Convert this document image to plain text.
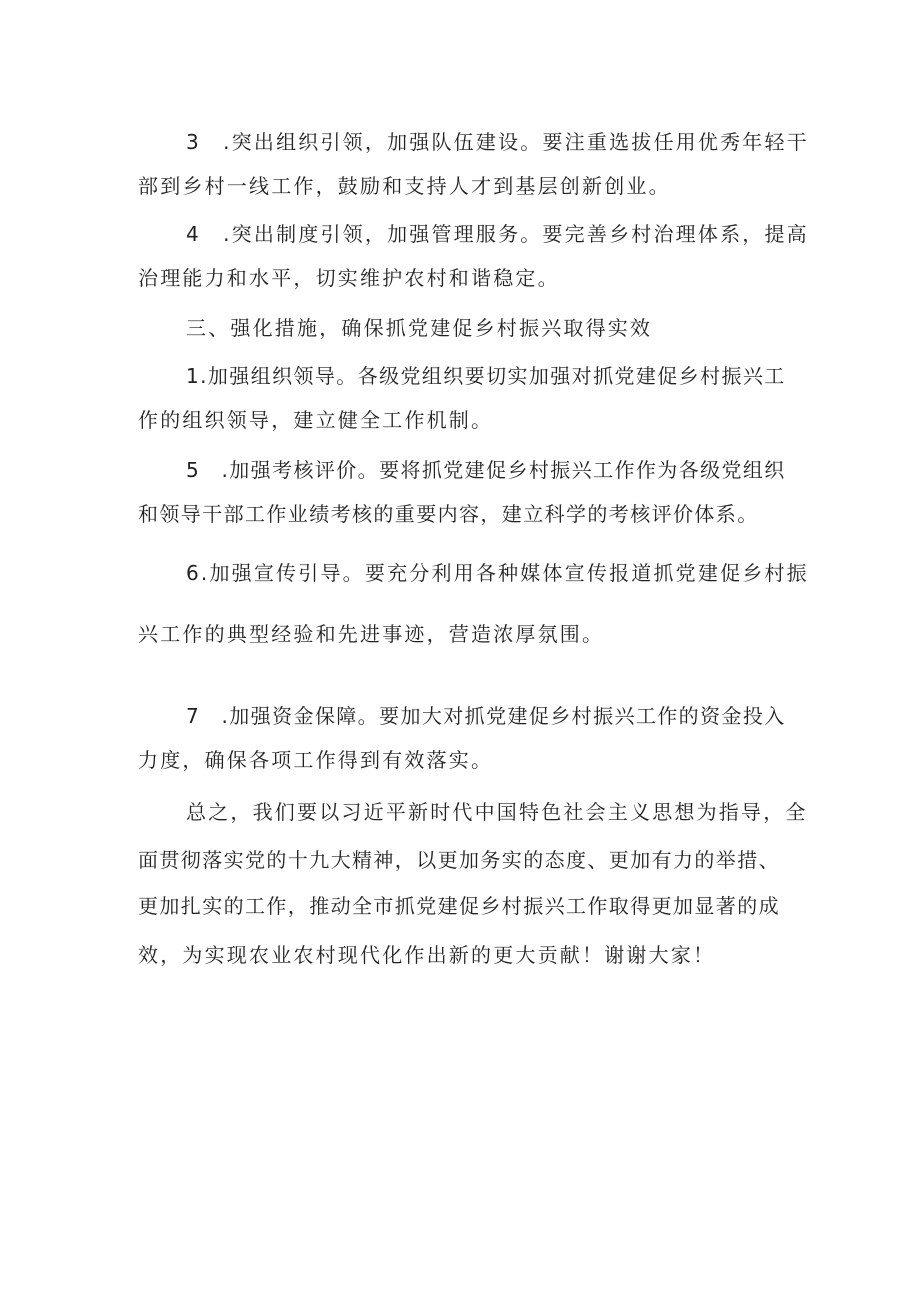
3　.突出组织引领，加强队伍建设。要注重选拔任用优秀年轻干
部到乡村一线工作，鼓励和支持人才到基层创新创业。
4　.突出制度引领，加强管理服务。要完善乡村治理体系，提高
治理能力和水平，切实维护农村和谐稳定。
三、强化措施，确保抓党建促乡村振兴取得实效
1.加强组织领导。各级党组织要切实加强对抓党建促乡村振兴工
作的组织领导，建立健全工作机制。
5　.加强考核评价。要将抓党建促乡村振兴工作作为各级党组织
和领导干部工作业绩考核的重要内容，建立科学的考核评价体系。
6.加强宣传引导。要充分利用各种媒体宣传报道抓党建促乡村振
兴工作的典型经验和先进事迹，营造浓厚氛围。
7　.加强资金保障。要加大对抓党建促乡村振兴工作的资金投入
力度，确保各项工作得到有效落实。
总之，我们要以习近平新时代中国特色社会主义思想为指导，全
面贯彻落实党的十九大精神，以更加务实的态度、更加有力的举措、
更加扎实的工作，推动全市抓党建促乡村振兴工作取得更加显著的成
效，为实现农业农村现代化作出新的更大贡献！谢谢大家！
